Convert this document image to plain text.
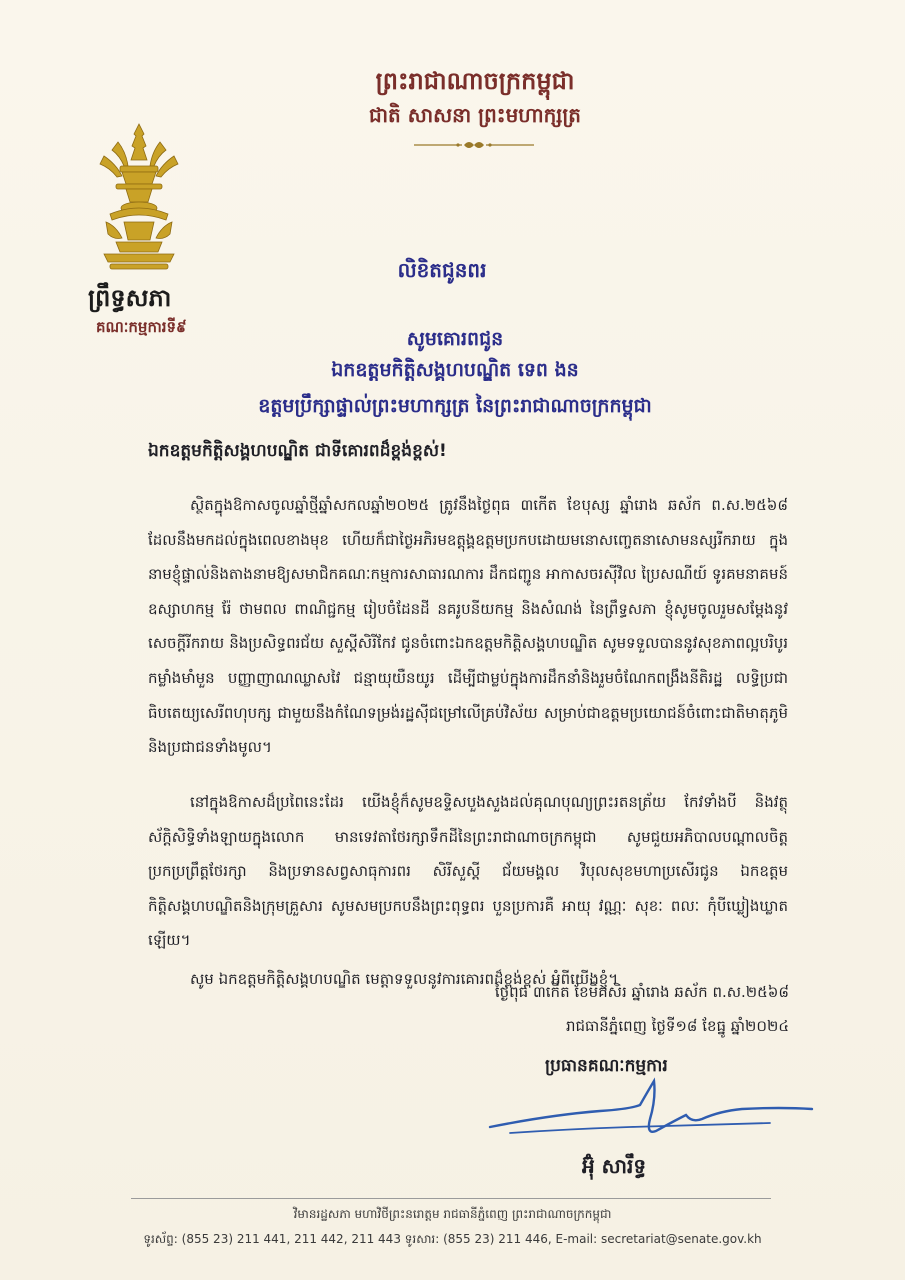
ព្រឹទ្ធសភា
គណៈកម្មការទី៩
ព្រះរាជាណាចក្រកម្ពុជា
ជាតិ សាសនា ព្រះមហាក្សត្រ
លិខិតជូនពរ
សូមគោរពជូន
ឯកឧត្តមកិត្តិសង្គហបណ្ឌិត ទេព ងន
ឧត្តមប្រឹក្សាផ្ទាល់ព្រះមហាក្សត្រ នៃព្រះរាជាណាចក្រកម្ពុជា
ឯកឧត្តមកិត្តិសង្គហបណ្ឌិត ជាទីគោរពដ៏ខ្ពង់ខ្ពស់!

ស្ថិតក្នុងឱកាសចូលឆ្នាំថ្មីឆ្នាំសកលឆ្នាំ២០២៥ ត្រូវនឹងថ្ងៃពុធ ៣កើត ខែបុស្ស ឆ្នាំរោង ឆស័ក ព.ស.២៥៦៨ ដែលនឹងមកដល់ក្នុងពេលខាងមុខ ហើយក៏ជាថ្ងៃអភិរមឧត្តុង្គឧត្តមប្រកបដោយមនោសញ្ចេតនាសោមនស្សរីករាយ ក្នុងនាមខ្ញុំផ្ទាល់និងតាងនាមឱ្យសមាជិកគណៈកម្មការសាធារណការ ដឹកជញ្ជូន អាកាសចរស៊ីវិល ប្រៃសណីយ៍ ទូរគមនាគមន៍ ឧស្សាហកម្ម រ៉ែ ថាមពល ពាណិជ្ជកម្ម រៀបចំដែនដី នគរូបនីយកម្ម និងសំណង់ នៃព្រឹទ្ធសភា ខ្ញុំសូមចូលរួមសម្ដែងនូវសេចក្ដីរីករាយ និងប្រសិទ្ធពរជ័យ សួស្ដីសិរីកែវ ជូនចំពោះឯកឧត្តមកិត្តិសង្គហបណ្ឌិត សូមទទួលបាននូវសុខភាពល្អបរិបូរ កម្លាំងមាំមួន បញ្ញាញាណឈ្លាសវៃ ជន្មាយុយឺនយូរ ដើម្បីជាម្លប់ក្នុងការដឹកនាំនិងរួមចំណែកពង្រឹងនីតិរដ្ឋ លទ្ធិប្រជាធិបតេយ្យសេរីពហុបក្ស ជាមួយនឹងកំណែទម្រង់រដ្ឋស៊ីជម្រៅលើគ្រប់វិស័យ សម្រាប់ជាឧត្តមប្រយោជន៍ចំពោះជាតិមាតុភូមិនិងប្រជាជនទាំងមូល។

នៅក្នុងឱកាសដ៏ប្រពៃនេះដែរ យើងខ្ញុំក៏សូមឧទ្ទិសបួងសួងដល់គុណបុណ្យព្រះរតនត្រ័យ កែវទាំងបី និងវត្ថុស័ក្តិសិទ្ធិទាំងឡាយក្នុងលោក មានទេវតាថែរក្សាទឹកដីនៃព្រះរាជាណាចក្រកម្ពុជា សូមជួយអភិបាលបណ្ដាលចិត្តប្រកប្រព្រឹត្តថែរក្សា និងប្រទានសព្វសាធុការពរ សិរីសួស្ដី ជ័យមង្គល វិបុលសុខមហាប្រសើរជូន ឯកឧត្តមកិត្តិសង្គហបណ្ឌិតនិងក្រុមគ្រួសារ សូមសមប្រកបនឹងព្រះពុទ្ធពរ បួនប្រការគឺ អាយុ វណ្ណៈ សុខៈ ពលៈ កុំបីឃ្លៀងឃ្លាតឡើយ។

សូម ឯកឧត្តមកិត្តិសង្គហបណ្ឌិត មេត្តាទទួលនូវការគោរពដ៏ខ្ពង់ខ្ពស់ អំពីយើងខ្ញុំ។

ថ្ងៃពុធ ៣កើត ខែមិគសិរ ឆ្នាំរោង ឆស័ក ព.ស.២៥៦៨
រាជធានីភ្នំពេញ ថ្ងៃទី១៨ ខែធ្នូ ឆ្នាំ២០២៤
ប្រធានគណៈកម្មការ
អ៊ុំ សារឹទ្ធ
វិមានរដ្ឋសភា មហាវិថីព្រះនរោត្តម រាជធានីភ្នំពេញ ព្រះរាជាណាចក្រកម្ពុជា
ទូរស័ព្ទ: (855 23) 211 441, 211 442, 211 443 ទូរសារ: (855 23) 211 446, E-mail: secretariat@senate.gov.kh
